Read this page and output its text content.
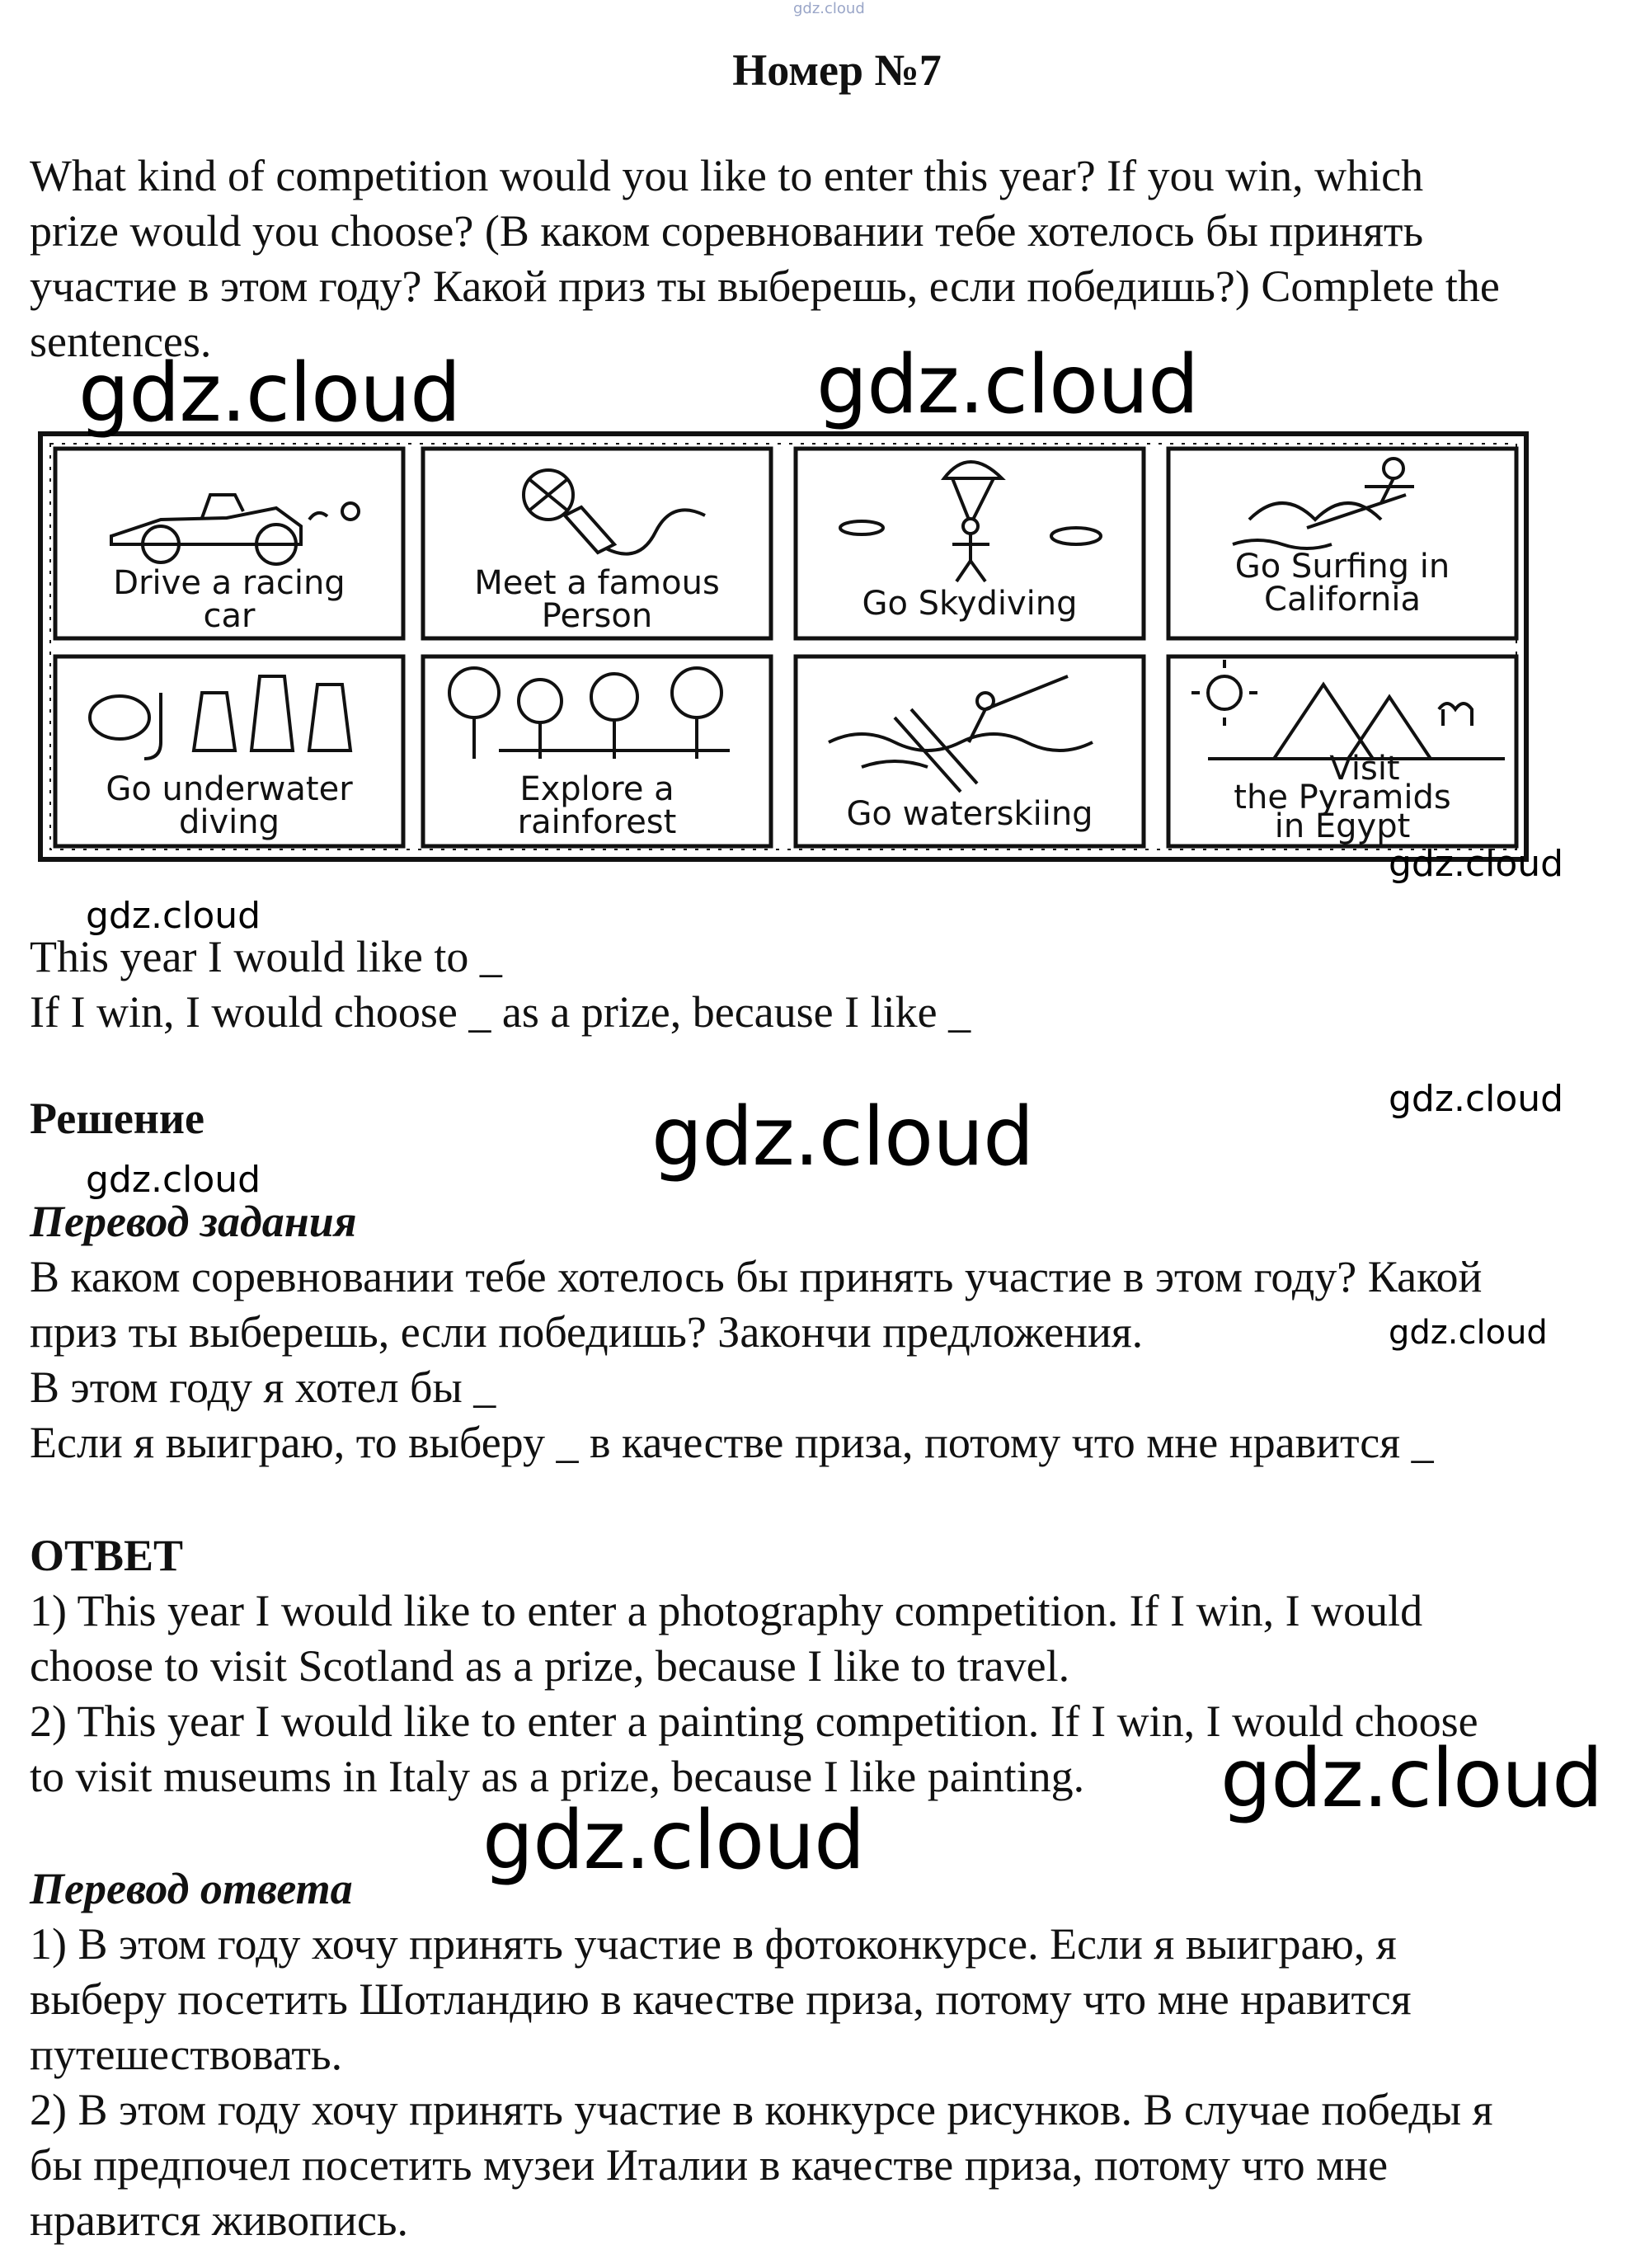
gdz.cloud
Номер №7
What kind of competition would you like to enter this year? If you win, which
prize would you choose? (В каком соревновании тебе хотелось бы принять
участие в этом году? Какой приз ты выберешь, если победишь?) Complete the
sentences.
Drive a racing
car
Meet a famous
Person	Go Skydiving
Go Surfing in
California
Go underwater
diving
Explore a
rainforest	Go waterskiing
Visit
the Pyramids
in Egypt
This year I would like to _
If I win, I would choose _ as a prize, because I like _
Решение
Перевод задания
В каком соревновании тебе хотелось бы принять участие в этом году? Какой
приз ты выберешь, если победишь? Закончи предложения.
В этом году я хотел бы _
Если я выиграю, то выберу _ в качестве приза, потому что мне нравится _
ОТВЕТ
1) This year I would like to enter a photography competition. If I win, I would
choose to visit Scotland as a prize, because I like to travel.
2) This year I would like to enter a painting competition. If I win, I would choose
to visit museums in Italy as a prize, because I like painting.
Перевод ответа
1) В этом году хочу принять участие в фотоконкурсе. Если я выиграю, я
выберу посетить Шотландию в качестве приза, потому что мне нравится
путешествовать.
2) В этом году хочу принять участие в конкурсе рисунков. В случае победы я
бы предпочел посетить музеи Италии в качестве приза, потому что мне
нравится живопись.
gdz.cloud	gdz.cloud
gdz.cloud
gdz.cloud
gdz.cloud
gdz.cloud
gdz.cloud
gdz.cloud
gdz.cloud
gdz.cloud
